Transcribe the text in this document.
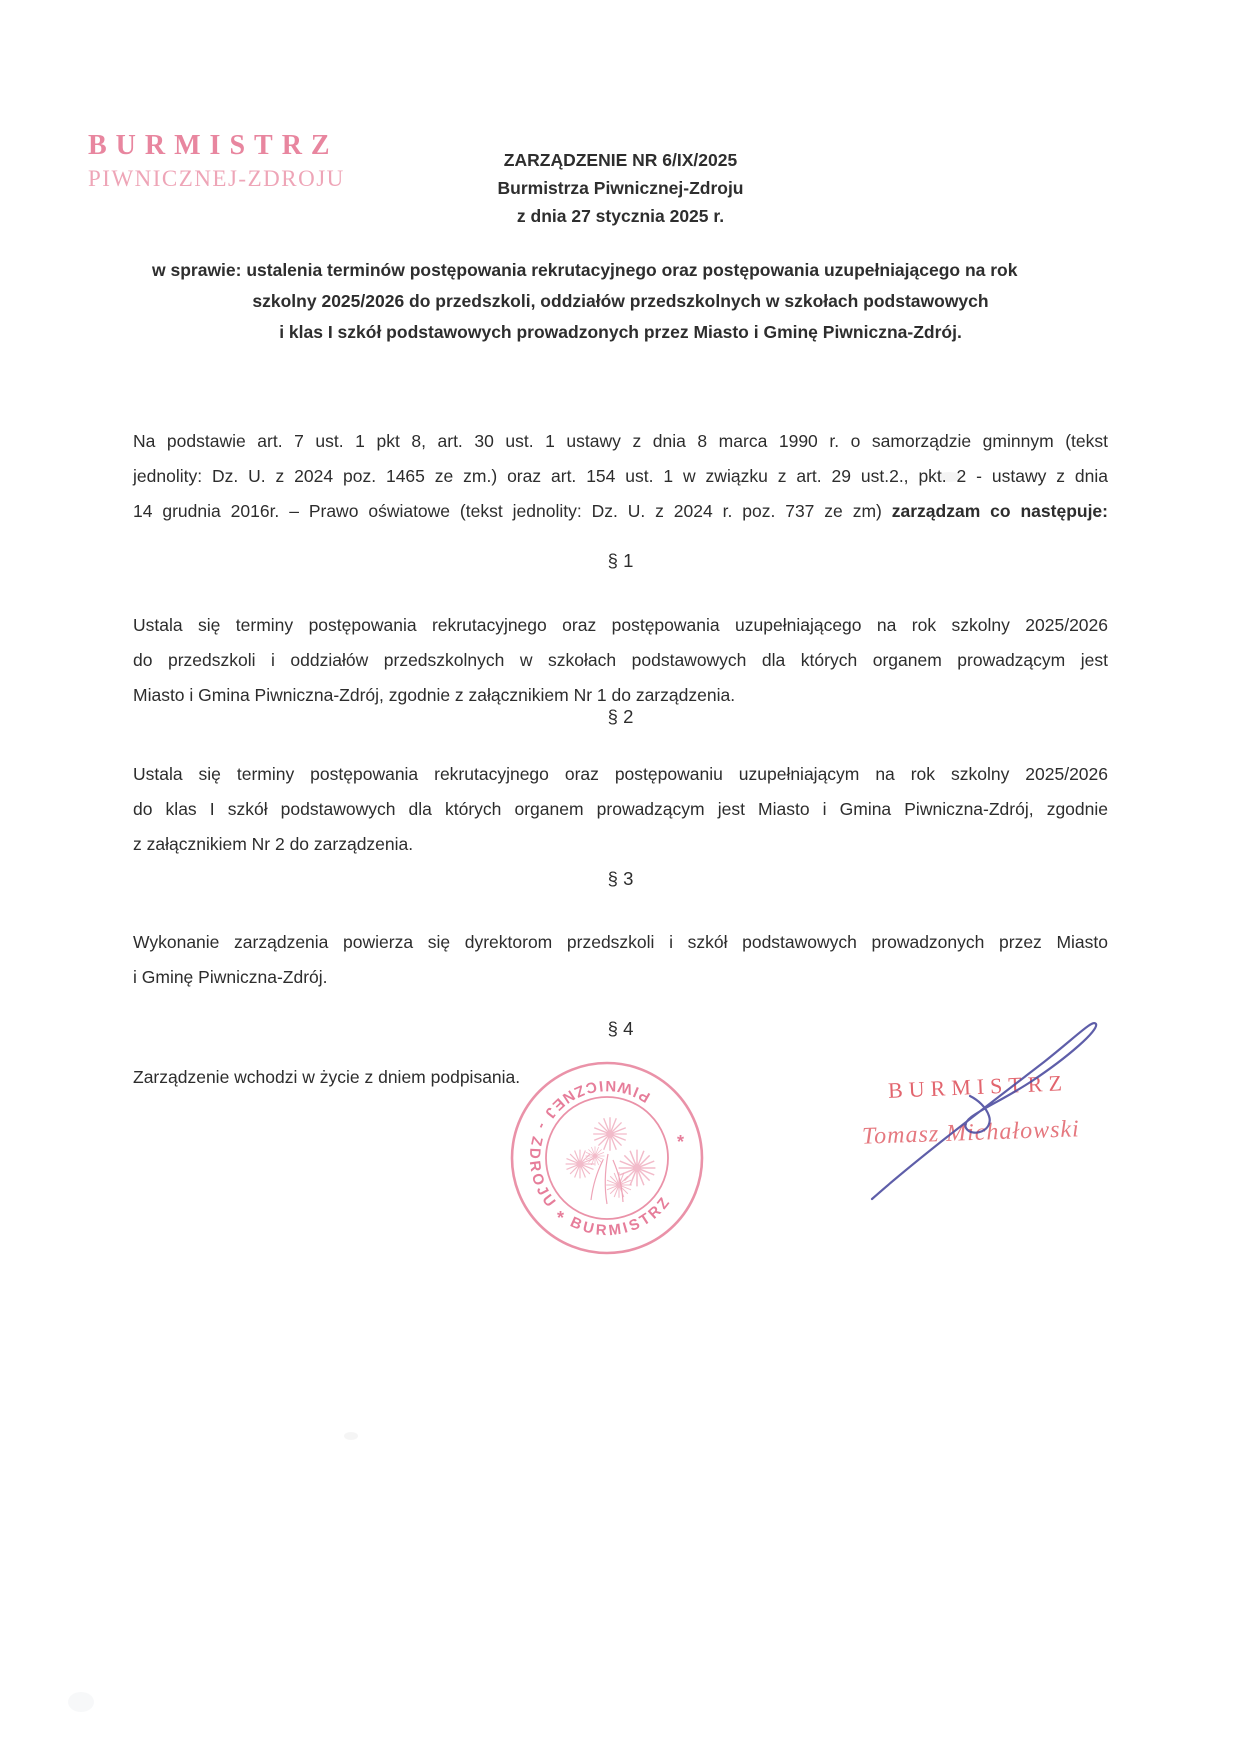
BURMISTRZ
PIWNICZNEJ-ZDROJU
ZARZĄDZENIE NR 6/IX/2025
Burmistrza Piwnicznej-Zdroju
z dnia 27 stycznia 2025 r.
w sprawie: ustalenia terminów postępowania rekrutacyjnego oraz postępowania uzupełniającego na rok
szkolny 2025/2026 do przedszkoli, oddziałów przedszkolnych w szkołach podstawowych
i klas I szkół podstawowych prowadzonych przez Miasto i Gminę Piwniczna-Zdrój.
Na podstawie art. 7 ust. 1 pkt 8, art. 30 ust. 1 ustawy z dnia 8 marca 1990 r. o samorządzie gminnym (tekst
jednolity: Dz. U. z 2024 poz. 1465 ze zm.) oraz art. 154 ust. 1 w związku z art. 29 ust.2., pkt. 2 - ustawy z dnia
14 grudnia 2016r. – Prawo oświatowe (tekst jednolity: Dz. U. z 2024 r. poz. 737 ze zm) zarządzam co następuje:
§ 1
Ustala się terminy postępowania rekrutacyjnego oraz postępowania uzupełniającego na rok szkolny 2025/2026
do przedszkoli i oddziałów przedszkolnych w szkołach podstawowych dla których organem prowadzącym jest
Miasto i Gmina Piwniczna-Zdrój, zgodnie z załącznikiem Nr 1 do zarządzenia.
§ 2
Ustala się terminy postępowania rekrutacyjnego oraz postępowaniu uzupełniającym na rok szkolny 2025/2026
do klas I szkół podstawowych dla których organem prowadzącym jest Miasto i Gmina Piwniczna-Zdrój, zgodnie
z załącznikiem Nr 2 do zarządzenia.
§ 3
Wykonanie zarządzenia powierza się dyrektorom przedszkoli i szkół podstawowych prowadzonych przez Miasto
i Gminę Piwniczna-Zdrój.
§ 4
Zarządzenie wchodzi w życie z dniem podpisania.
PIWNICZNEJ - ZDROJU
BURMISTRZ
*
*
BURMISTRZ
Tomasz Michałowski
